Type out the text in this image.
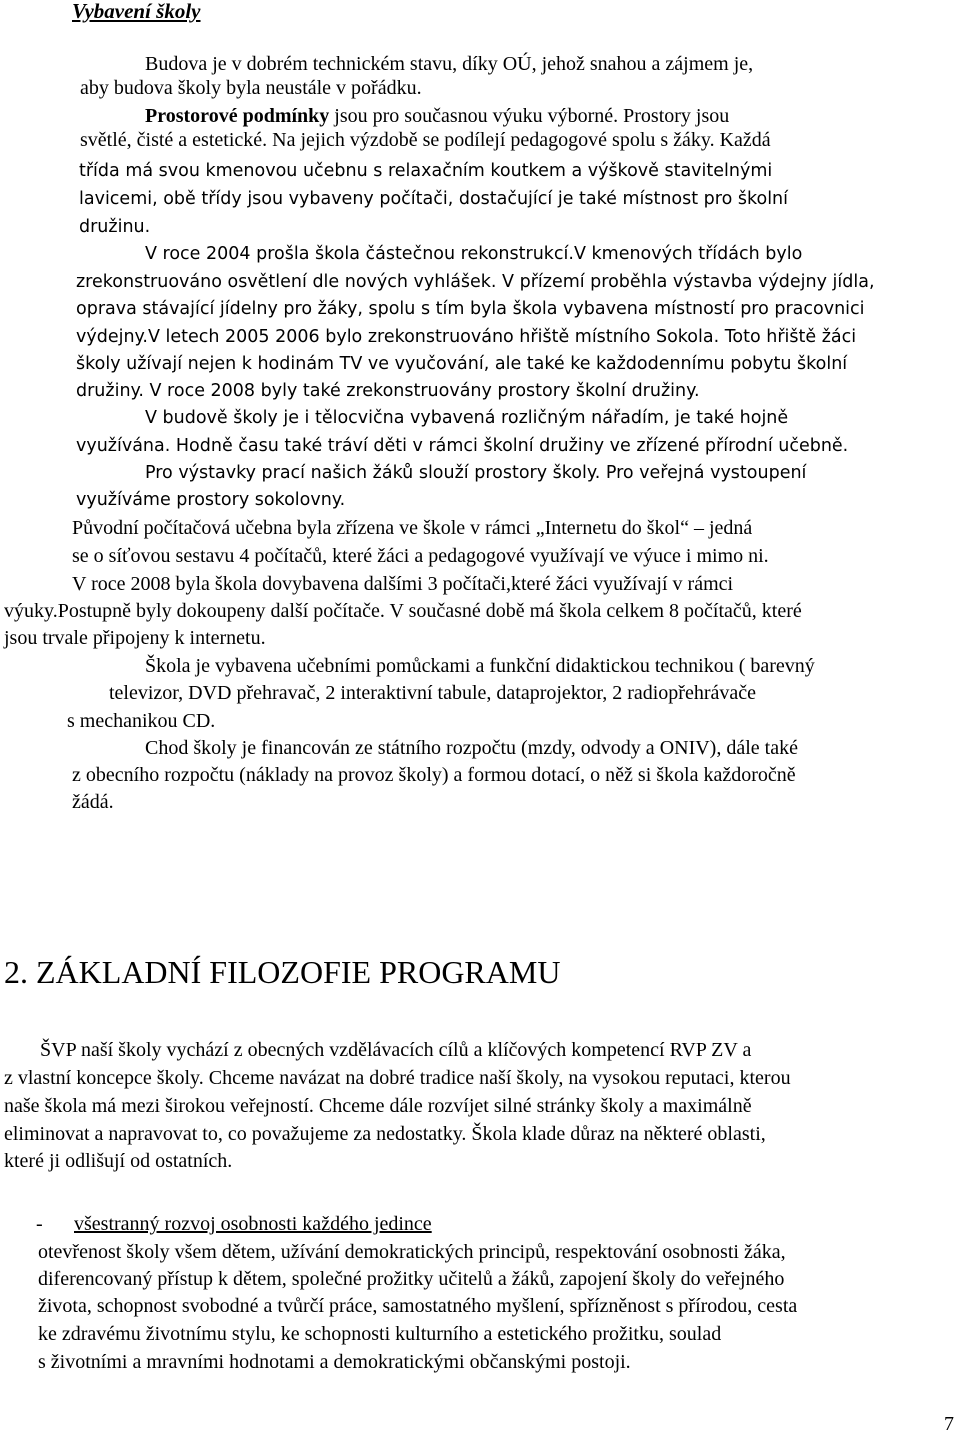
Vybavení školy
Budova je v dobrém technickém stavu, díky OÚ, jehož snahou a zájmem je,
aby budova školy byla neustále v pořádku.
Prostorové podmínky jsou pro současnou výuku výborné. Prostory jsou
světlé, čisté a estetické. Na jejich výzdobě se podílejí pedagogové spolu s žáky. Každá
třída má svou kmenovou učebnu s relaxačním koutkem a výškově stavitelnými
lavicemi, obě třídy jsou vybaveny počítači, dostačující je také místnost pro školní
družinu.
V roce 2004 prošla škola částečnou rekonstrukcí.V kmenových třídách bylo
zrekonstruováno osvětlení dle nových vyhlášek. V přízemí proběhla výstavba výdejny jídla,
oprava stávající jídelny pro žáky, spolu s tím byla škola vybavena místností pro pracovnici
výdejny.V letech 2005 2006 bylo zrekonstruováno hřiště místního Sokola. Toto hřiště žáci
školy užívají nejen k hodinám TV ve vyučování, ale také ke každodennímu pobytu školní
družiny. V roce 2008 byly také zrekonstruovány prostory školní družiny.
V budově školy je i tělocvična vybavená rozličným nářadím, je také hojně
využívána. Hodně času také tráví děti v rámci školní družiny ve zřízené přírodní učebně.
Pro výstavky prací našich žáků slouží prostory školy. Pro veřejná vystoupení
využíváme prostory sokolovny.
Původní počítačová učebna byla zřízena ve škole v rámci „Internetu do škol“ – jedná
se o síťovou sestavu 4 počítačů, které žáci a pedagogové využívají ve výuce i mimo ni.
V roce 2008 byla škola dovybavena dalšími 3 počítači,které žáci využívají v rámci
výuky.Postupně byly dokoupeny další počítače. V současné době má škola celkem 8 počítačů, které
jsou trvale připojeny k internetu.
Škola je vybavena učebními pomůckami a funkční didaktickou technikou ( barevný
televizor, DVD přehravač, 2 interaktivní tabule, dataprojektor, 2 radiopřehrávače
s mechanikou CD.
Chod školy je financován ze státního rozpočtu (mzdy, odvody a ONIV), dále také
z obecního rozpočtu (náklady na provoz školy) a formou dotací, o něž si škola každoročně
žádá.
2. ZÁKLADNÍ FILOZOFIE PROGRAMU
ŠVP naší školy vychází z obecných vzdělávacích cílů a klíčových kompetencí RVP ZV a
z vlastní koncepce školy. Chceme navázat na dobré tradice naší školy, na vysokou reputaci, kterou
naše škola má mezi širokou veřejností. Chceme dále rozvíjet silné stránky školy a maximálně
eliminovat a napravovat to, co považujeme za nedostatky. Škola klade důraz na některé oblasti,
které ji odlišují od ostatních.
- všestranný rozvoj osobnosti každého jedince
otevřenost školy všem dětem, užívání demokratických principů, respektování osobnosti žáka,
diferencovaný přístup k dětem, společné prožitky učitelů a žáků, zapojení školy do veřejného
života, schopnost svobodné a tvůrčí práce, samostatného myšlení, spřízněnost s přírodou, cesta
ke zdravému životnímu stylu, ke schopnosti kulturního a estetického prožitku, soulad
s životními a mravními hodnotami a demokratickými občanskými postoji.
7
